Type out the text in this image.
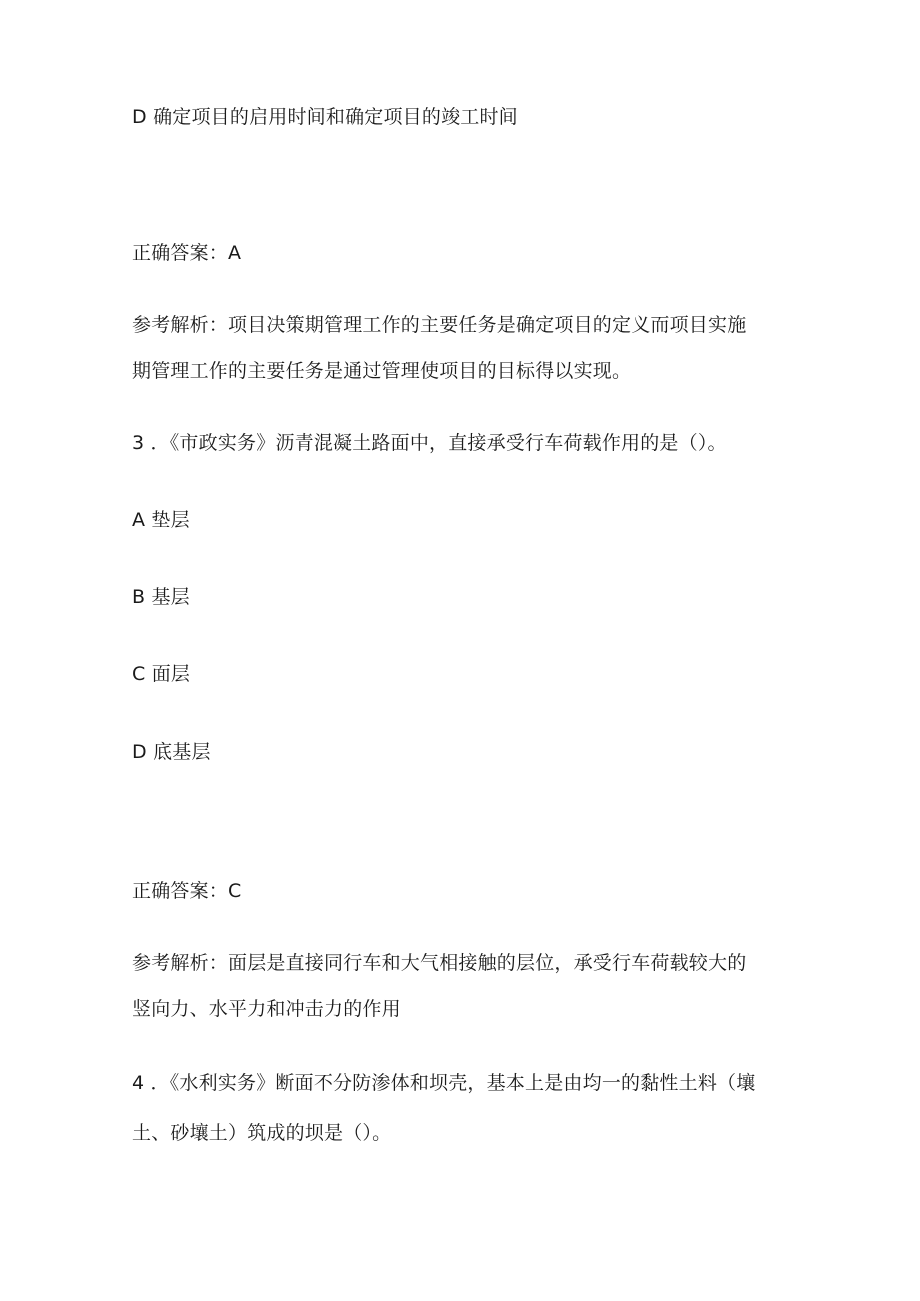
D 确定项目的启用时间和确定项目的竣工时间
正确答案：A
参考解析：项目决策期管理工作的主要任务是确定项目的定义而项目实施
期管理工作的主要任务是通过管理使项目的目标得以实现。
3 ．《市政实务》沥青混凝土路面中，直接承受行车荷载作用的是（）。
A 垫层
B 基层
C 面层
D 底基层
正确答案：C
参考解析：面层是直接同行车和大气相接触的层位，承受行车荷载较大的
竖向力、水平力和冲击力的作用
4 ．《水利实务》断面不分防渗体和坝壳，基本上是由均一的黏性土料（壤
土、砂壤土）筑成的坝是（）。
